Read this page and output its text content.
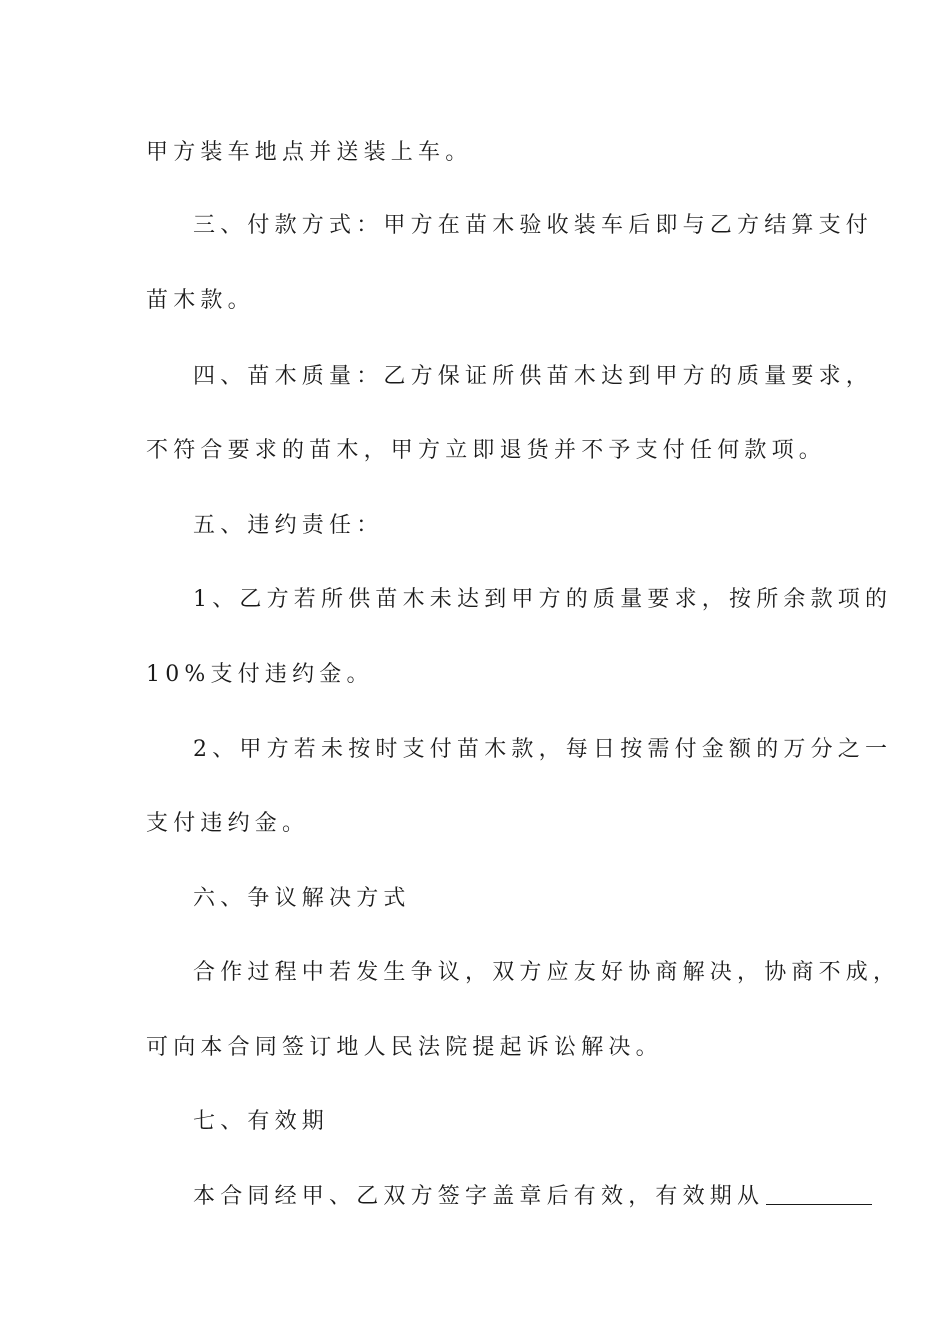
甲方装车地点并送装上车。
三、付款方式：甲方在苗木验收装车后即与乙方结算支付
苗木款。
四、苗木质量：乙方保证所供苗木达到甲方的质量要求，
不符合要求的苗木，甲方立即退货并不予支付任何款项。
五、违约责任：
1、乙方若所供苗木未达到甲方的质量要求，按所余款项的
10%支付违约金。
2、甲方若未按时支付苗木款，每日按需付金额的万分之一
支付违约金。
六、争议解决方式
合作过程中若发生争议，双方应友好协商解决，协商不成，
可向本合同签订地人民法院提起诉讼解决。
七、有效期
本合同经甲、乙双方签字盖章后有效，有效期从
